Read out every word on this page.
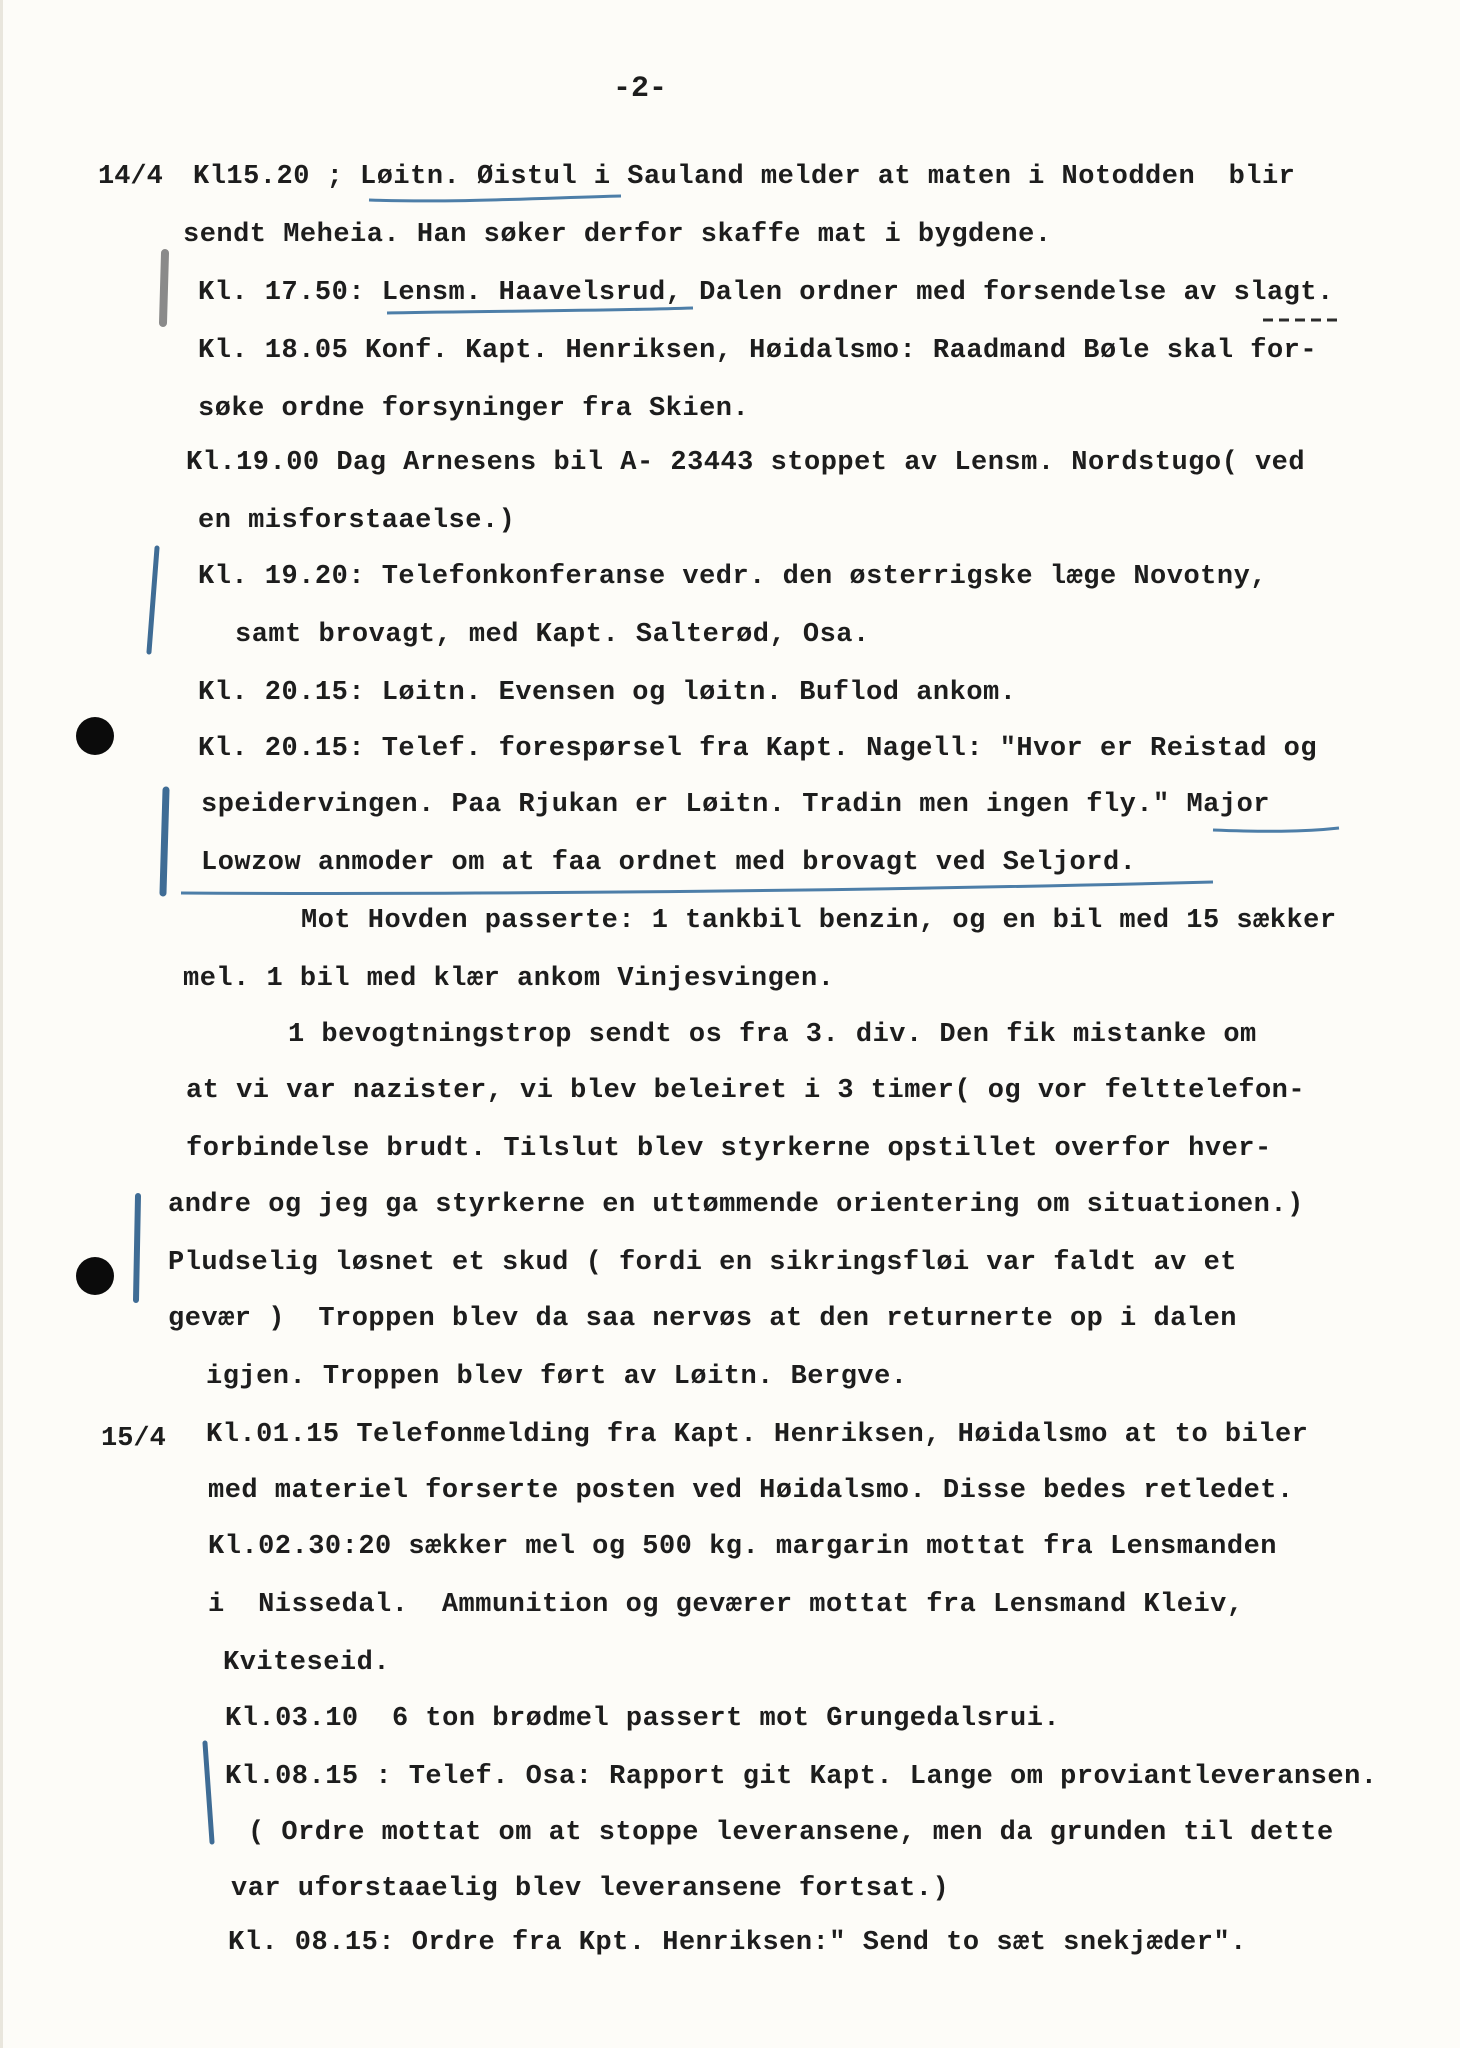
-2-
14/4
15/4
Kl15.20 ; Løitn. Øistul i Sauland melder at maten i Notodden  blir
sendt Meheia. Han søker derfor skaffe mat i bygdene.
Kl. 17.50: Lensm. Haavelsrud, Dalen ordner med forsendelse av slagt.
Kl. 18.05 Konf. Kapt. Henriksen, Høidalsmo: Raadmand Bøle skal for-
søke ordne forsyninger fra Skien.
Kl.19.00 Dag Arnesens bil A- 23443 stoppet av Lensm. Nordstugo( ved
en misforstaaelse.)
Kl. 19.20: Telefonkonferanse vedr. den østerrigske læge Novotny,
samt brovagt, med Kapt. Salterød, Osa.
Kl. 20.15: Løitn. Evensen og løitn. Buflod ankom.
Kl. 20.15: Telef. forespørsel fra Kapt. Nagell: "Hvor er Reistad og
speidervingen. Paa Rjukan er Løitn. Tradin men ingen fly." Major
Lowzow anmoder om at faa ordnet med brovagt ved Seljord.
Mot Hovden passerte: 1 tankbil benzin, og en bil med 15 sækker
mel. 1 bil med klær ankom Vinjesvingen.
1 bevogtningstrop sendt os fra 3. div. Den fik mistanke om
at vi var nazister, vi blev beleiret i 3 timer( og vor felttelefon-
forbindelse brudt. Tilslut blev styrkerne opstillet overfor hver-
andre og jeg ga styrkerne en uttømmende orientering om situationen.)
Pludselig løsnet et skud ( fordi en sikringsfløi var faldt av et
gevær )  Troppen blev da saa nervøs at den returnerte op i dalen
igjen. Troppen blev ført av Løitn. Bergve.
Kl.01.15 Telefonmelding fra Kapt. Henriksen, Høidalsmo at to biler
med materiel forserte posten ved Høidalsmo. Disse bedes retledet.
Kl.02.30:20 sækker mel og 500 kg. margarin mottat fra Lensmanden
i  Nissedal.  Ammunition og geværer mottat fra Lensmand Kleiv,
Kviteseid.
Kl.03.10  6 ton brødmel passert mot Grungedalsrui.
Kl.08.15 : Telef. Osa: Rapport git Kapt. Lange om proviantleveransen.
( Ordre mottat om at stoppe leveransene, men da grunden til dette
var uforstaaelig blev leveransene fortsat.)
Kl. 08.15: Ordre fra Kpt. Henriksen:" Send to sæt snekjæder".
